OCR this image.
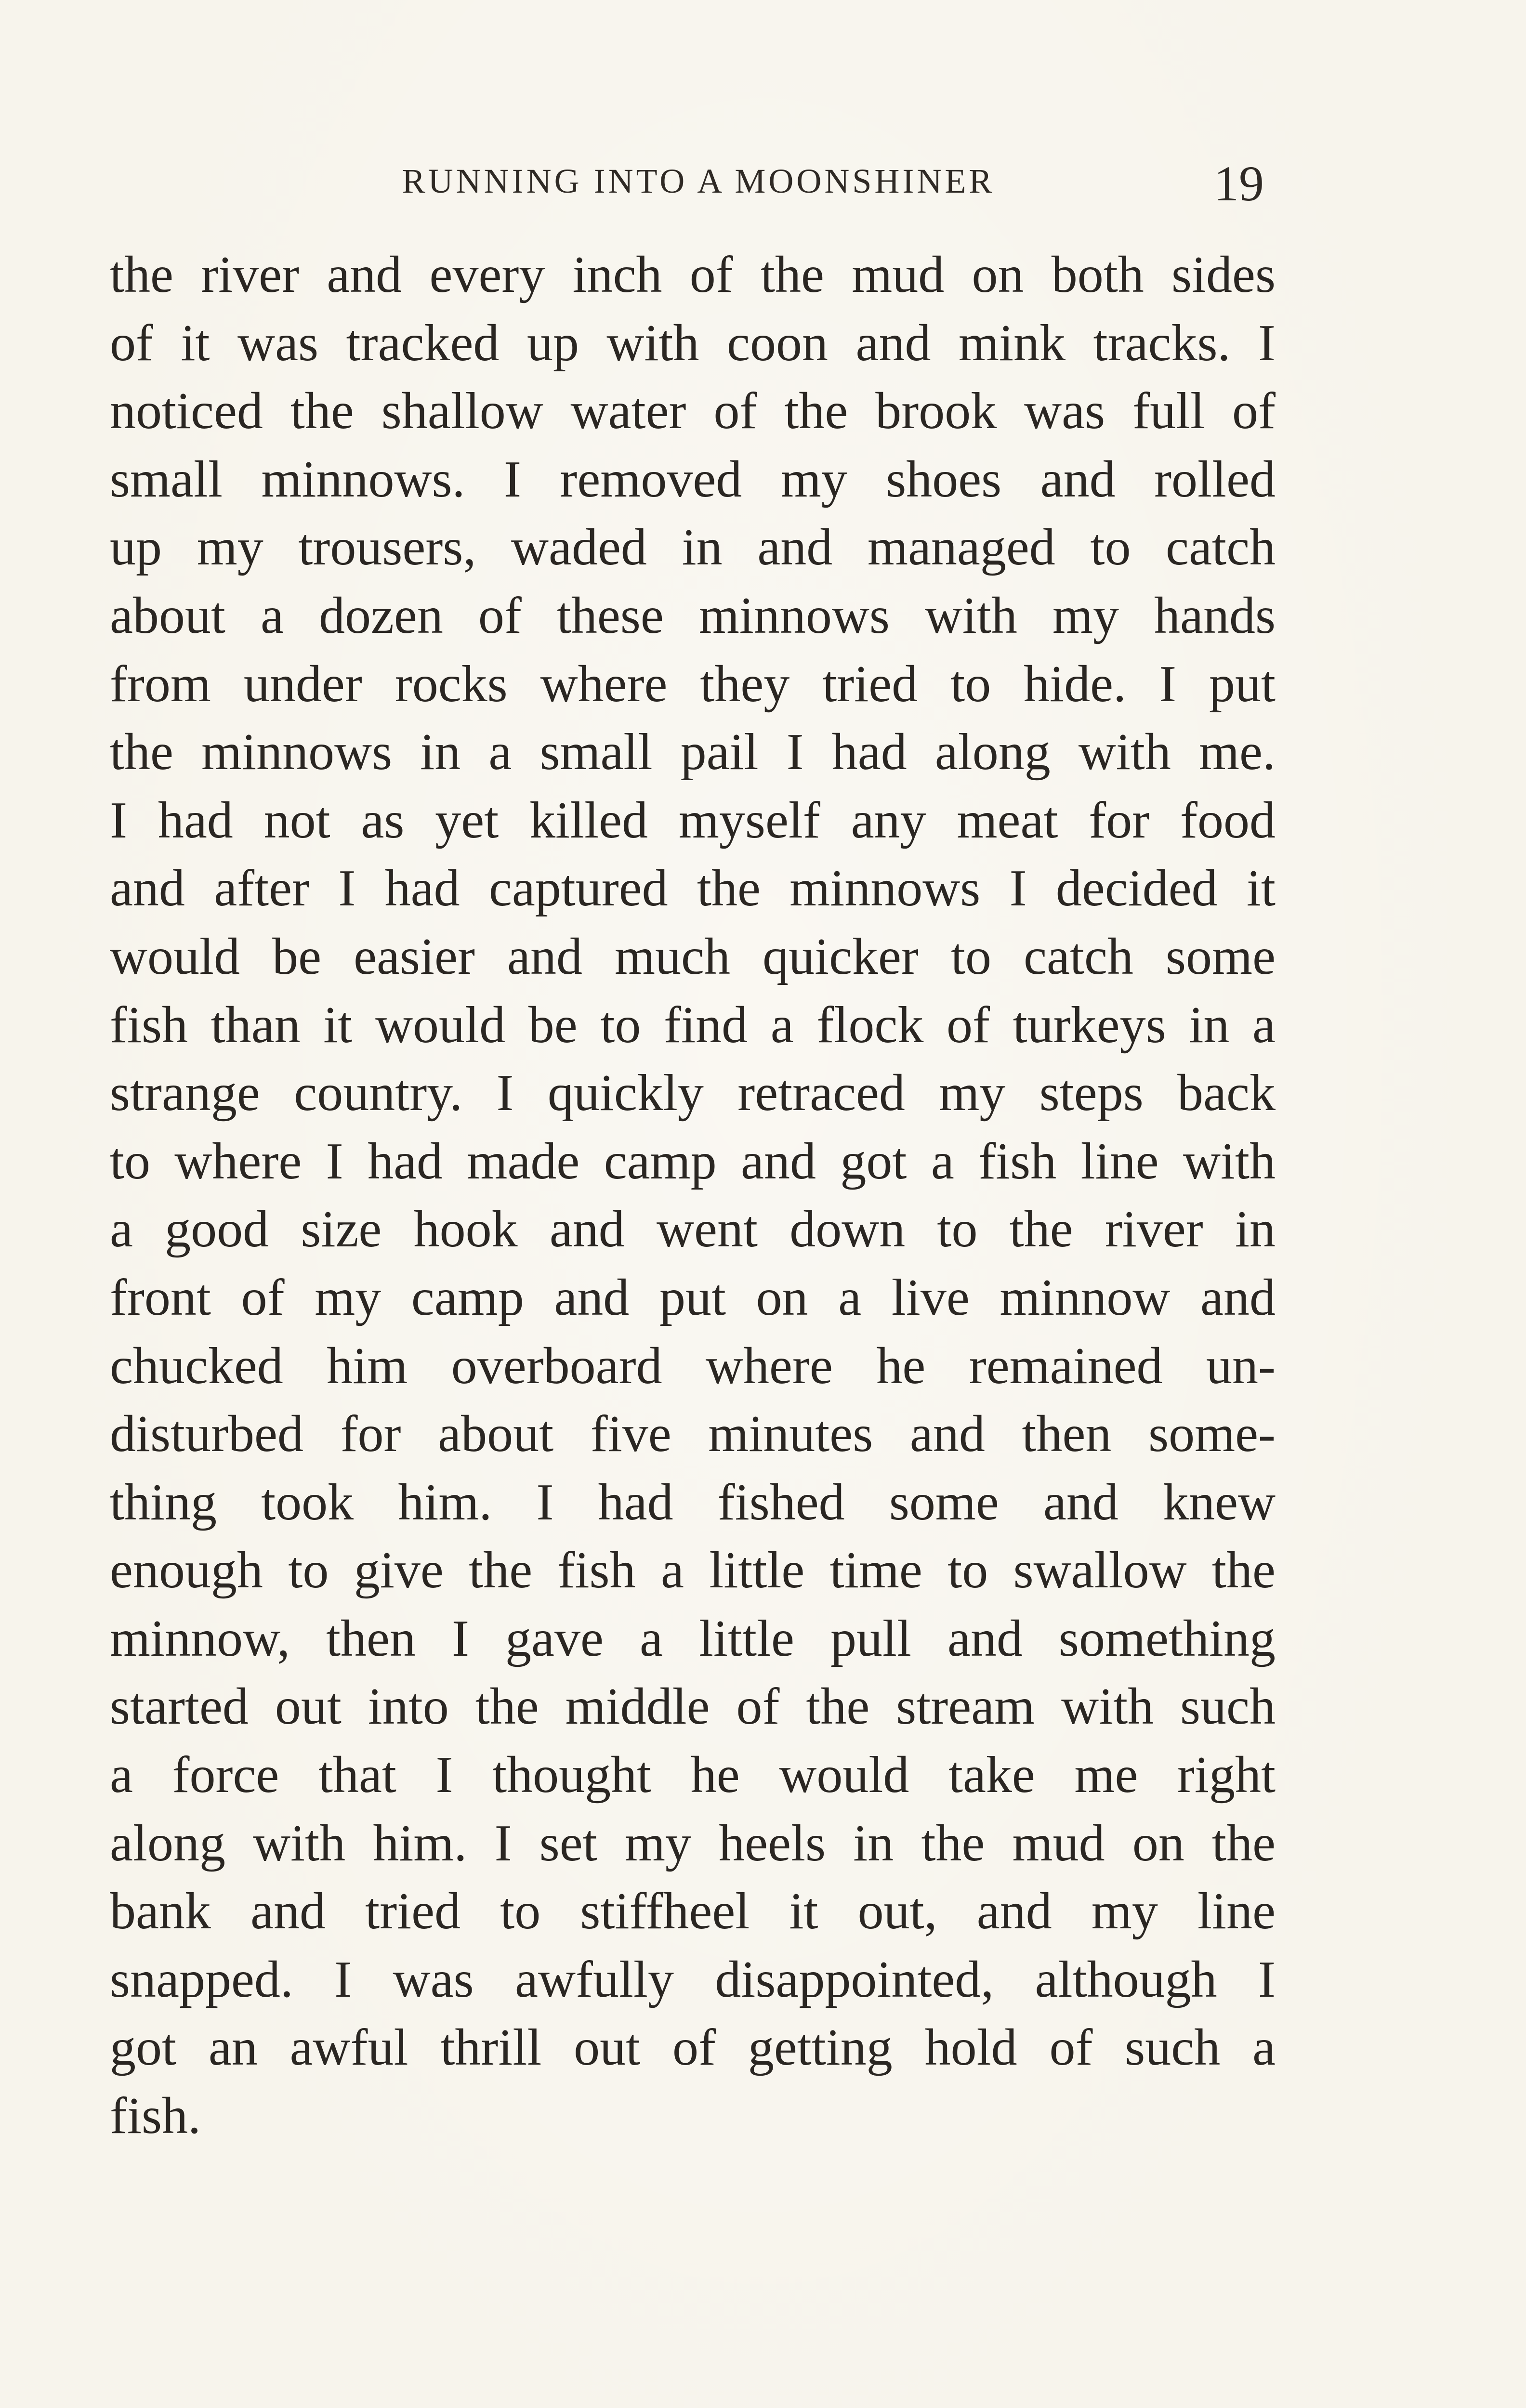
RUNNING INTO A MOONSHINER	19
the river and every inch of the mud on both sides
of it was tracked up with coon and mink tracks. I
noticed the shallow water of the brook was full of
small minnows. I removed my shoes and rolled
up my trousers, waded in and managed to catch
about a dozen of these minnows with my hands
from under rocks where they tried to hide. I put
the minnows in a small pail I had along with me.
I had not as yet killed myself any meat for food
and after I had captured the minnows I decided it
would be easier and much quicker to catch some
fish than it would be to find a flock of turkeys in a
strange country. I quickly retraced my steps back
to where I had made camp and got a fish line with
a good size hook and went down to the river in
front of my camp and put on a live minnow and
chucked him overboard where he remained un-
disturbed for about five minutes and then some-
thing took him. I had fished some and knew
enough to give the fish a little time to swallow the
minnow, then I gave a little pull and something
started out into the middle of the stream with such
a force that I thought he would take me right
along with him. I set my heels in the mud on the
bank and tried to stiffheel it out, and my line
snapped. I was awfully disappointed, although I
got an awful thrill out of getting hold of such a
fish.
